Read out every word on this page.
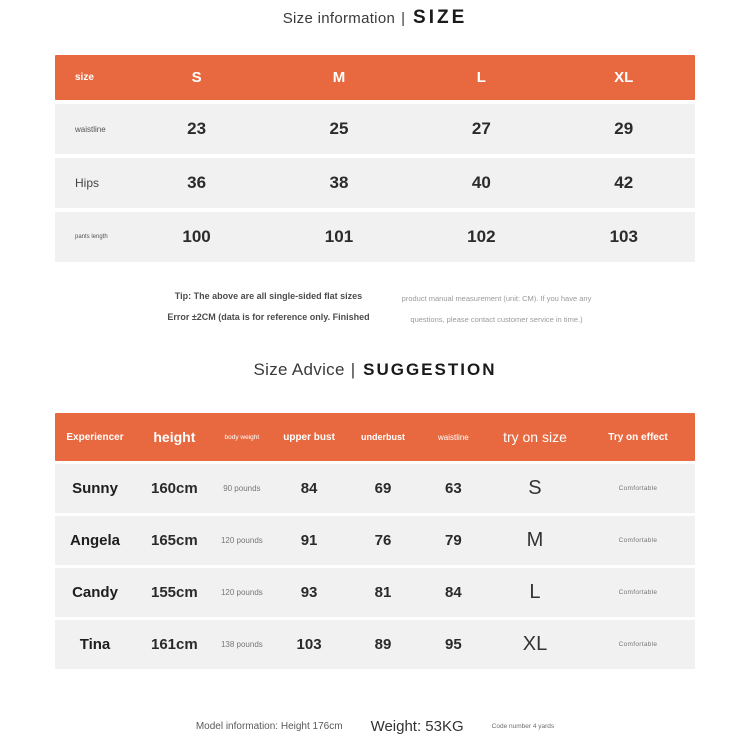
Size information | SIZE
size	S	M	L	XL
waistline	23	25	27	29
Hips	36	38	40	42
pants length	100	101	102	103
Tip: The above are all single-sided flat sizes
Error ±2CM (data is for reference only. Finished
product manual measurement (unit: CM). If you have any
questions, please contact customer service in time.)
Size Advice | SUGGESTION
Experiencer	height	body weight	upper bust	underbust	waistline	try on size	Try on effect
Sunny	160cm	90 pounds	84	69	63	S	Comfortable
Angela	165cm	120 pounds	91	76	79	M	Comfortable
Candy	155cm	120 pounds	93	81	84	L	Comfortable
Tina	161cm	138 pounds	103	89	95	XL	Comfortable
Model information: Height 176cm Weight: 53KG	Code number 4 yards
